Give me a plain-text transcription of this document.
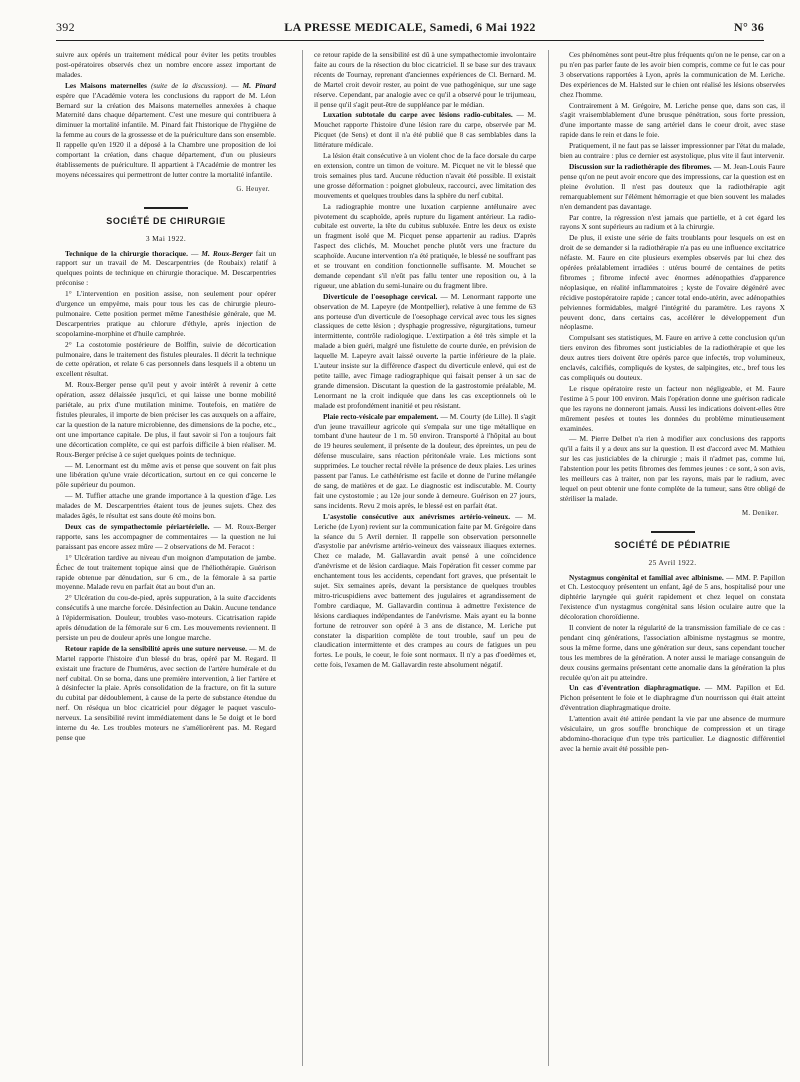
392	LA PRESSE MEDICALE, Samedi, 6 Mai 1922	N° 36

suivre aux opérés un traitement médical pour éviter les petits troubles post-opératoires observés chez un nombre encore assez important de malades.

Les Maisons maternelles (suite de la discussion). — M. Pinard espère que l'Académie votera les conclusions du rapport de M. Léon Bernard sur la création des Maisons maternelles annexées à chaque Maternité dans chaque département. C'est une mesure qui contribuera à diminuer la mortalité infantile. M. Pinard fait l'historique de l'hygiène de la femme au cours de la grossesse et de la puériculture dans son ensemble. Il rappelle qu'en 1920 il a déposé à la Chambre une proposition de loi comportant la création, dans chaque département, d'un ou plusieurs établissements de puériculture. Il appartient à l'Académie de montrer les moyens nécessaires qui permettront de lutter contre la mortalité infantile.

G. Heuyer.

SOCIÉTÉ DE CHIRURGIE
3 Mai 1922.

Technique de la chirurgie thoracique. — M. Roux-Berger fait un rapport sur un travail de M. Descarpentries (de Roubaix) relatif à quelques points de technique en chirurgie thoracique. M. Descarpentries préconise :

1° L'intervention en position assise, non seulement pour opérer d'urgence un empyème, mais pour tous les cas de chirurgie pleuro-pulmonaire. Cette position permet même l'anesthésie générale, que M. Descarpentries pratique au chlorure d'éthyle, après injection de scopolamine-morphine et d'huile camphrée.

2° La costotomie postérieure de Bolffin, suivie de décortication pulmonaire, dans le traitement des fistules pleurales. Il décrit la technique de cette opération, et relate 6 cas personnels dans lesquels il a obtenu un excellent résultat.

M. Roux-Berger pense qu'il peut y avoir intérêt à revenir à cette opération, assez délaissée jusqu'ici, et qui laisse une bonne mobilité pariétale, au prix d'une mutilation minime. Toutefois, en matière de fistules pleurales, il importe de bien préciser les cas auxquels on a affaire, car la question de la nature microbienne, des dimensions de la poche, etc., ont une importance capitale. De plus, il faut savoir si l'on a toujours fait une décortication complète, ce qui est parfois difficile à bien réaliser. M. Roux-Berger précise à ce sujet quelques points de technique.

— M. Lenormant est du même avis et pense que souvent on fait plus une libération qu'une vraie décortication, surtout en ce qui concerne le pôle supérieur du poumon.

— M. Tuffier attache une grande importance à la question d'âge. Les malades de M. Descarpentries étaient tous de jeunes sujets. Chez des malades âgés, le résultat est sans doute été moins bon.

Deux cas de sympathectomie périartérielle. — M. Roux-Berger rapporte, sans les accompagner de commentaires — la question ne lui paraissant pas encore assez mûre — 2 observations de M. Feracot :

1° Ulcération tardive au niveau d'un moignon d'amputation de jambe. Échec de tout traitement topique ainsi que de l'héliothérapie. Guérison rapide obtenue par dénudation, sur 6 cm., de la fémorale à sa partie moyenne. Malade revu en parfait état au bout d'un an.

2° Ulcération du cou-de-pied, après suppuration, à la suite d'accidents consécutifs à une marche forcée. Désinfection au Dakin. Aucune tendance à l'épidermisation. Douleur, troubles vaso-moteurs. Cicatrisation rapide après dénudation de la fémorale sur 6 cm. Les mouvements reviennent. Il persiste un peu de douleur après une longue marche.

Retour rapide de la sensibilité après une suture nerveuse. — M. de Martel rapporte l'histoire d'un blessé du bras, opéré par M. Regard. Il existait une fracture de l'humérus, avec section de l'artère humérale et du nerf cubital. On se borna, dans une première intervention, à lier l'artère et à désinfecter la plaie. Après consolidation de la fracture, on fit la suture du cubital par dédoublement, à cause de la perte de substance étendue du nerf. On réséqua un bloc cicatriciel pour dégager le paquet vasculo-nerveux. La sensibilité revint immédiatement dans le 5e doigt et le bord interne du 4e. Les troubles moteurs ne s'améliorèrent pas. M. Regard pense que

ce retour rapide de la sensibilité est dû à une sympathectomie involontaire faite au cours de la résection du bloc cicatriciel. Il se base sur des travaux récents de Tournay, reprenant d'anciennes expériences de Cl. Bernard. M. de Martel croit devoir rester, au point de vue pathogénique, sur une sage réserve. Cependant, par analogie avec ce qu'il a observé pour le trijumeau, il pense qu'il s'agit peut-être de suppléance par le médian.

Luxation subtotale du carpe avec lésions radio-cubitales. — M. Mouchet rapporte l'histoire d'une lésion rare du carpe, observée par M. Picquet (de Sens) et dont il n'a été publié que 8 cas semblables dans la littérature médicale.

La lésion était consécutive à un violent choc de la face dorsale du carpe en extension, contre un timon de voiture. M. Picquet ne vit le blessé que trois semaines plus tard. Aucune réduction n'avait été possible. Il existait une grosse déformation : poignet globuleux, raccourci, avec limitation des mouvements et quelques troubles dans la sphère du nerf cubital.

La radiographie montre une luxation carpienne antélunaire avec pivotement du scaphoïde, après rupture du ligament antérieur. La radio-cubitale est ouverte, la tête du cubitus subluxée. Entre les deux os existe un fragment isolé que M. Picquet pense appartenir au radius. D'après l'aspect des clichés, M. Mouchet penche plutôt vers une fracture du scaphoïde. Aucune intervention n'a été pratiquée, le blessé ne souffrant pas et se trouvant en condition fonctionnelle suffisante. M. Mouchet se demande cependant s'il n'eût pas fallu tenter une reposition ou, à la rigueur, une ablation du semi-lunaire ou du fragment libre.

Diverticule de l'oesophage cervical. — M. Lenormant rapporte une observation de M. Lapeyre (de Montpellier), relative à une femme de 63 ans porteuse d'un diverticule de l'oesophage cervical avec tous les signes classiques de cette lésion ; dysphagie progressive, régurgitations, tumeur intermittente, contrôle radiologique. L'extirpation a été très simple et la malade a bien guéri, malgré une fistulette de courte durée, en prévision de laquelle M. Lapeyre avait laissé ouverte la partie inférieure de la plaie. L'auteur insiste sur la différence d'aspect du diverticule enlevé, qui est de petite taille, avec l'image radiographique qui faisait penser à un sac de grande dimension. Discutant la question de la gastrostomie préalable, M. Lenormant ne la croit indiquée que dans les cas exceptionnels où le malade est profondément inanitié et peu résistant.

Plaie recto-vésicale par empalement. — M. Courty (de Lille). Il s'agit d'un jeune travailleur agricole qui s'empala sur une tige métallique en tombant d'une hauteur de 1 m. 50 environ. Transporté à l'hôpital au bout de 19 heures seulement, il présente de la douleur, des épreintes, un peu de défense musculaire, sans réaction péritonéale vraie. Les mictions sont supprimées. Le toucher rectal révèle la présence de deux plaies. Les urines passent par l'anus. Le cathétérisme est facile et donne de l'urine mélangée de sang, de matières et de gaz. Le diagnostic est indiscutable. M. Courty fait une cystostomie ; au 12e jour sonde à demeure. Guérison en 27 jours, sans incidents. Revu 2 mois après, le blessé est en parfait état.

L'asystolie consécutive aux anévrismes artério-veineux. — M. Leriche (de Lyon) revient sur la communication faite par M. Grégoire dans la séance du 5 Avril dernier. Il rappelle son observation personnelle d'asystolie par anévrisme artério-veineux des vaisseaux iliaques externes. Chez ce malade, M. Gallavardin avait pensé à une coïncidence d'anévrisme et de lésion cardiaque. Mais l'opération fit cesser comme par enchantement tous les accidents, cependant fort graves, que présentait le sujet. Six semaines après, devant la persistance de quelques troubles mitro-tricuspidiens avec battement des jugulaires et agrandissement de l'ombre cardiaque, M. Gallavardin continua à admettre l'existence de lésions cardiaques indépendantes de l'anévrisme. Mais ayant eu la bonne fortune de retrouver son opéré à 3 ans de distance, M. Leriche put constater la disparition complète de tout trouble, sauf un peu de claudication intermittente et des crampes au cours de fatigues un peu fortes. Le pouls, le coeur, le foie sont normaux. Il n'y a pas d'oedèmes et, cette fois, l'examen de M. Gallavardin reste absolument négatif.

Ces phénomènes sont peut-être plus fréquents qu'on ne le pense, car on a pu n'en pas parler faute de les avoir bien compris, comme ce fut le cas pour 3 observations rapportées à Lyon, après la communication de M. Leriche. Des expériences de M. Halsted sur le chien ont réalisé les lésions observées chez l'homme.

Contrairement à M. Grégoire, M. Leriche pense que, dans son cas, il s'agit vraisemblablement d'une brusque pénétration, sous forte pression, d'une importante masse de sang artériel dans le coeur droit, avec stase rapide dans le rein et dans le foie.

Pratiquement, il ne faut pas se laisser impressionner par l'état du malade, bien au contraire : plus ce dernier est asystolique, plus vite il faut intervenir.

Discussion sur la radiothérapie des fibromes. — M. Jean-Louis Faure pense qu'on ne peut avoir encore que des impressions, car la question est en pleine évolution. Il n'est pas douteux que la radiothérapie agit remarquablement sur l'élément hémorragie et que bien souvent les malades n'en demandent pas davantage.

Par contre, la régression n'est jamais que partielle, et à cet égard les rayons X sont supérieurs au radium et à la chirurgie.

De plus, il existe une série de faits troublants pour lesquels on est en droit de se demander si la radiothérapie n'a pas eu une influence excitatrice néfaste. M. Faure en cite plusieurs exemples observés par lui chez des opérées préalablement irradiées : utérus bourré de centaines de petits fibromes ; fibrome infecté avec énormes adénopathies d'apparence néoplasique, en réalité inflammatoires ; kyste de l'ovaire dégénéré avec récidive postopératoire rapide ; cancer total endo-utérin, avec adénopathies pelviennes formidables, malgré l'intégrité du paramètre. Les rayons X peuvent donc, dans certains cas, accélérer le développement d'un néoplasme.

Compulsant ses statistiques, M. Faure en arrive à cette conclusion qu'un tiers environ des fibromes sont justiciables de la radiothérapie et que les deux autres tiers doivent être opérés parce que infectés, trop volumineux, enclavés, calcifiés, compliqués de kystes, de salpingites, etc., bref tous les cas compliqués ou douteux.

Le risque opératoire reste un facteur non négligeable, et M. Faure l'estime à 5 pour 100 environ. Mais l'opération donne une guérison radicale que les rayons ne donneront jamais. Aussi les indications doivent-elles être mûrement pesées et toutes les données du problème minutieusement examinées.

— M. Pierre Delbet n'a rien à modifier aux conclusions des rapports qu'il a faits il y a deux ans sur la question. Il est d'accord avec M. Mathieu sur les cas justiciables de la chirurgie ; mais il n'admet pas, comme lui, l'abstention pour les petits fibromes des femmes jeunes : ce sont, à son avis, les meilleurs cas à traiter, non par les rayons, mais par le radium, avec lequel on peut obtenir une fonte complète de la tumeur, sans être obligé de stériliser la malade.

M. Deniker.

SOCIÉTÉ DE PÉDIATRIE
25 Avril 1922.

Nystagmus congénital et familial avec albinisme. — MM. P. Papillon et Ch. Lestocquoy présentent un enfant, âgé de 5 ans, hospitalisé pour une diphtérie laryngée qui guérit rapidement et chez lequel on constata l'existence d'un nystagmus congénital sans lésion oculaire autre que la décoloration choroïdienne.

Il convient de noter la régularité de la transmission familiale de ce cas : pendant cinq générations, l'association albinisme nystagmus se montre, sous la même forme, dans une génération sur deux, sans cependant toucher tous les membres de la génération. A noter aussi le mariage consanguin de deux cousins germains présentant cette anomalie dans la génération la plus reculée qu'on ait pu atteindre.

Un cas d'éventration diaphragmatique. — MM. Papillon et Ed. Pichon présentent le foie et le diaphragme d'un nourrisson qui était atteint d'éventration diaphragmatique droite.

L'attention avait été attirée pendant la vie par une absence de murmure vésiculaire, un gros souffle bronchique de compression et un tirage abdomino-thoracique d'un type très particulier. Le diagnostic différentiel avec la hernie avait été possible pen-
